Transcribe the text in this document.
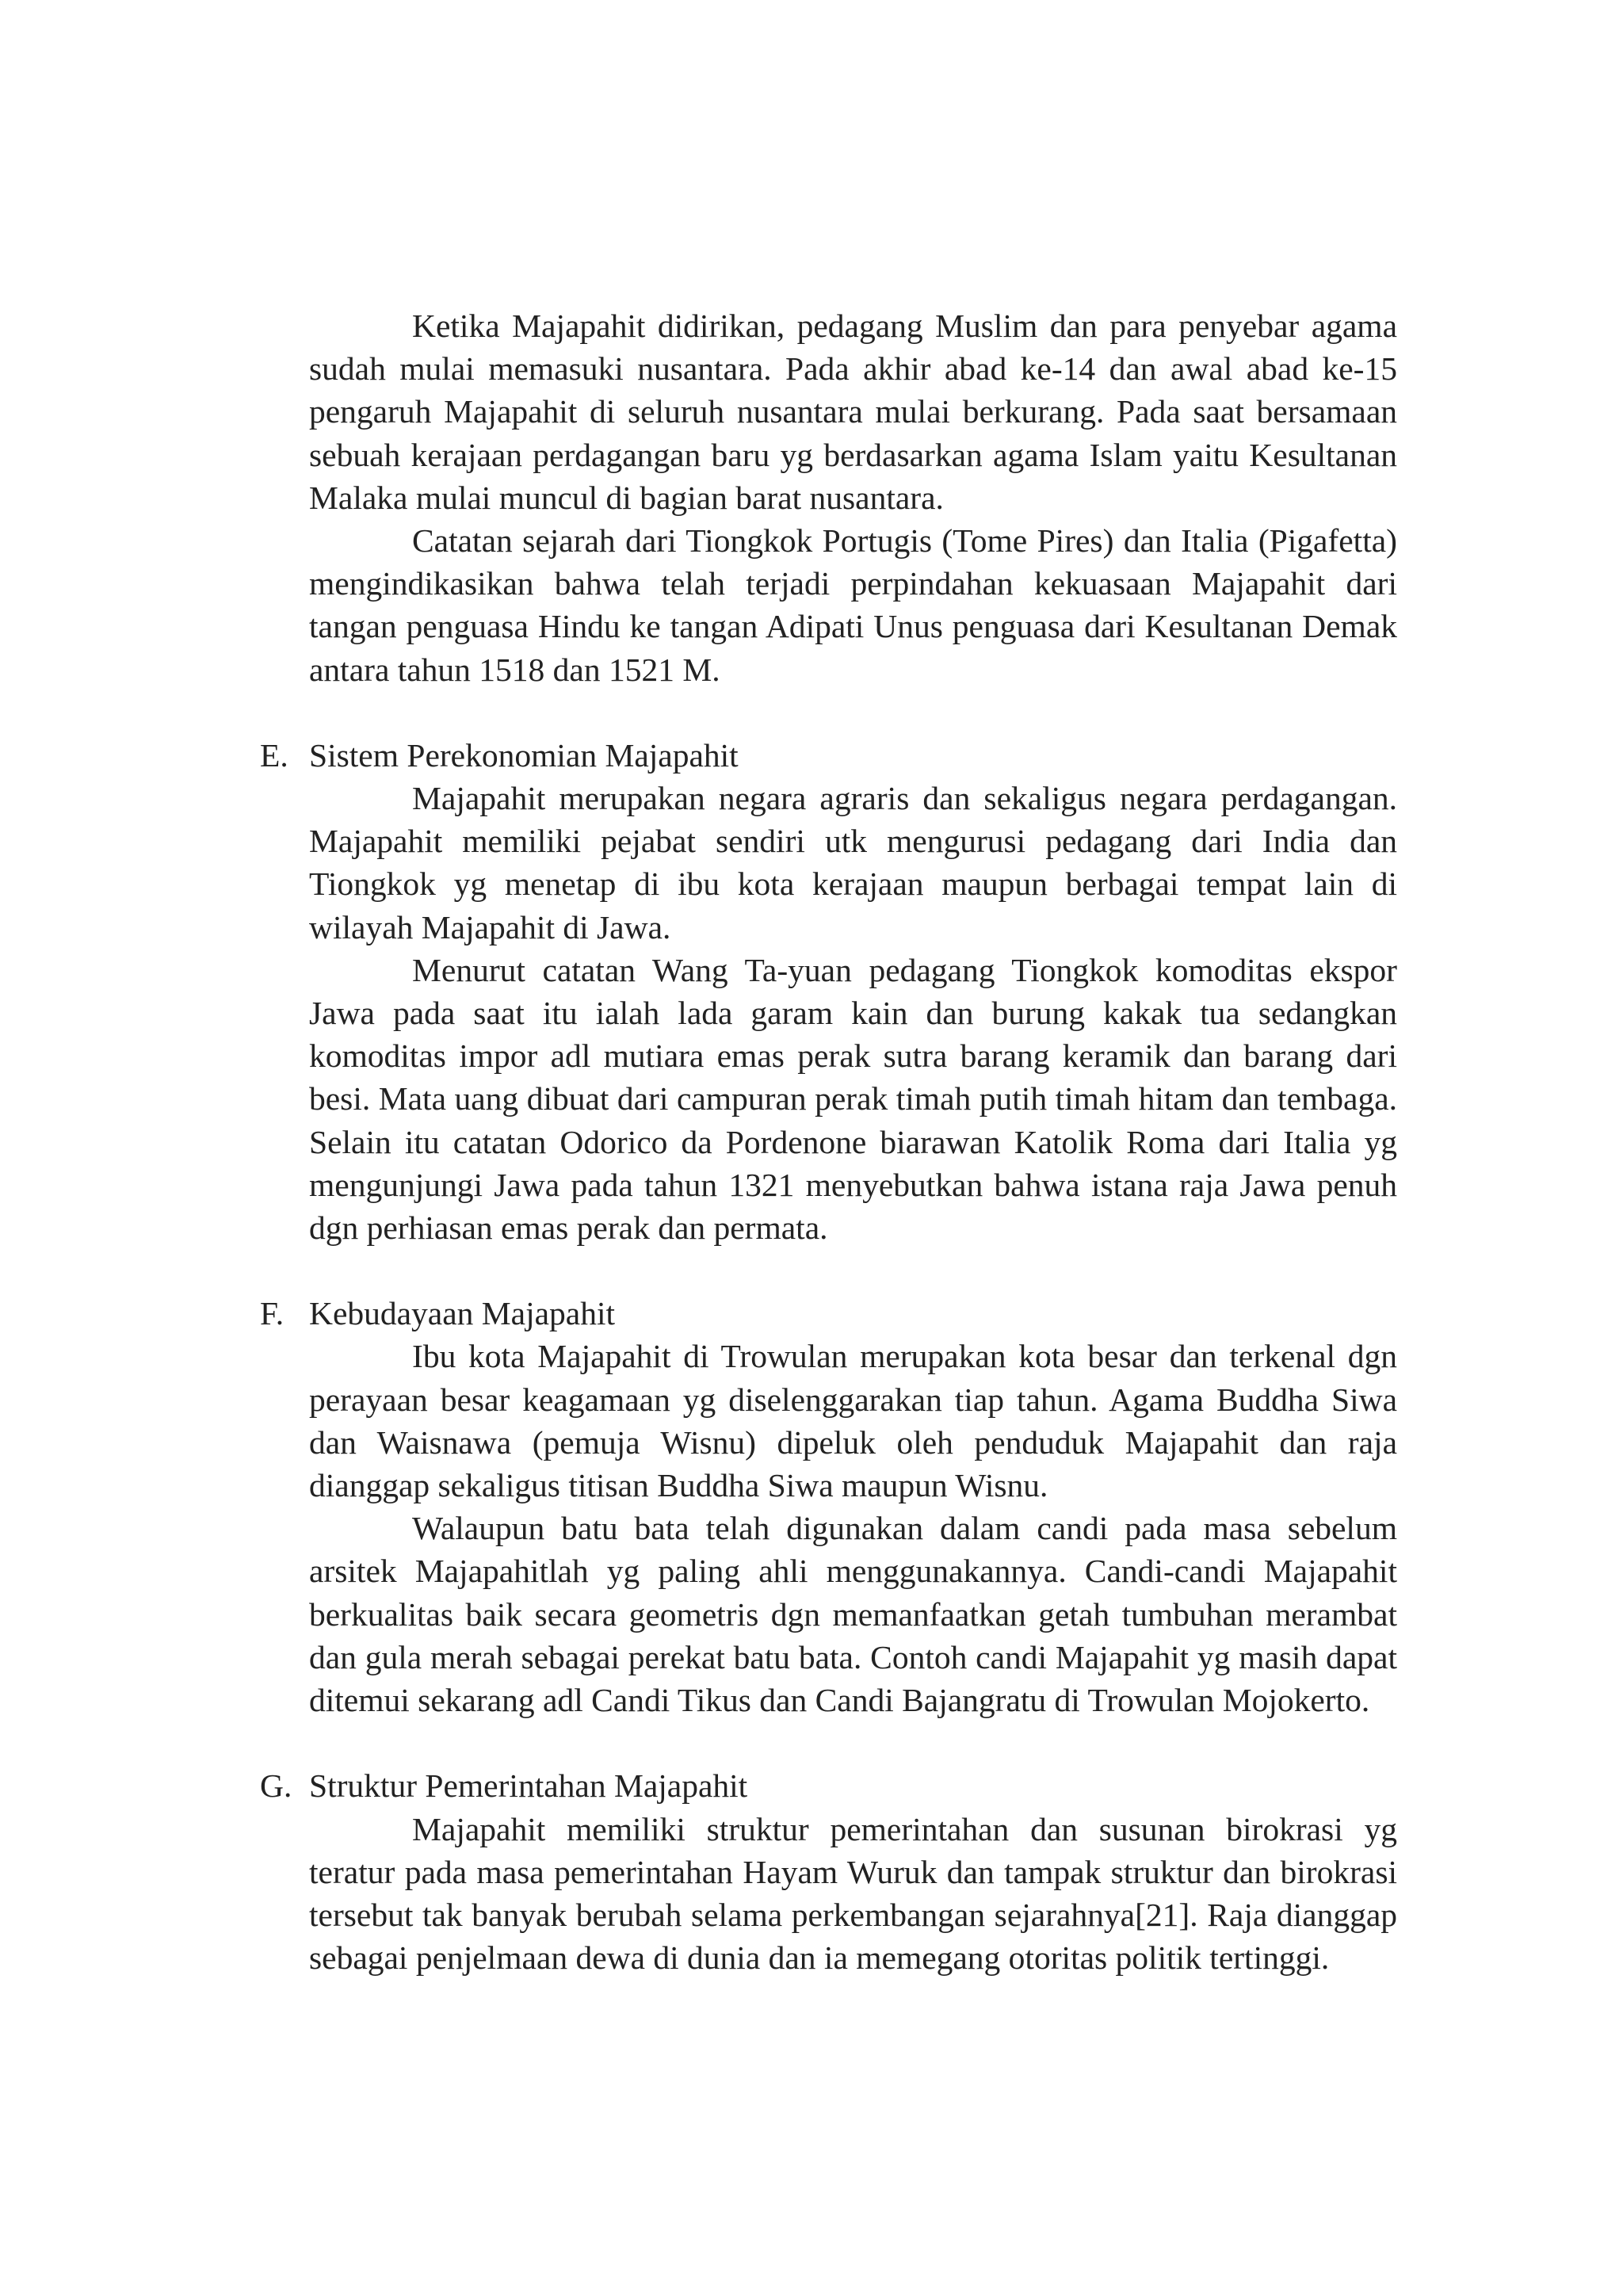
Ketika Majapahit didirikan, pedagang Muslim dan para penyebar agama sudah mulai memasuki nusantara. Pada akhir abad ke-14 dan awal abad ke-15 pengaruh Majapahit di seluruh nusantara mulai berkurang. Pada saat bersamaan sebuah kerajaan perdagangan baru yg berdasarkan agama Islam yaitu Kesultanan Malaka mulai muncul di bagian barat nusantara.

Catatan sejarah dari Tiongkok Portugis (Tome Pires) dan Italia (Pigafetta) mengindikasikan bahwa telah terjadi perpindahan kekuasaan Majapahit dari tangan penguasa Hindu ke tangan Adipati Unus penguasa dari Kesultanan Demak antara tahun 1518 dan 1521 M.

E. Sistem Perekonomian Majapahit

Majapahit merupakan negara agraris dan sekaligus negara perdagangan. Majapahit memiliki pejabat sendiri utk mengurusi pedagang dari India dan Tiongkok yg menetap di ibu kota kerajaan maupun berbagai tempat lain di wilayah Majapahit di Jawa.

Menurut catatan Wang Ta-yuan pedagang Tiongkok komoditas ekspor Jawa pada saat itu ialah lada garam kain dan burung kakak tua sedangkan komoditas impor adl mutiara emas perak sutra barang keramik dan barang dari besi. Mata uang dibuat dari campuran perak timah putih timah hitam dan tembaga. Selain itu catatan Odorico da Pordenone biarawan Katolik Roma dari Italia yg mengunjungi Jawa pada tahun 1321 menyebutkan bahwa istana raja Jawa penuh dgn perhiasan emas perak dan permata.

F. Kebudayaan Majapahit

Ibu kota Majapahit di Trowulan merupakan kota besar dan terkenal dgn perayaan besar keagamaan yg diselenggarakan tiap tahun. Agama Buddha Siwa dan Waisnawa (pemuja Wisnu) dipeluk oleh penduduk Majapahit dan raja dianggap sekaligus titisan Buddha Siwa maupun Wisnu.

Walaupun batu bata telah digunakan dalam candi pada masa sebelum arsitek Majapahitlah yg paling ahli menggunakannya. Candi-candi Majapahit berkualitas baik secara geometris dgn memanfaatkan getah tumbuhan merambat dan gula merah sebagai perekat batu bata. Contoh candi Majapahit yg masih dapat ditemui sekarang adl Candi Tikus dan Candi Bajangratu di Trowulan Mojokerto.

G. Struktur Pemerintahan Majapahit

Majapahit memiliki struktur pemerintahan dan susunan birokrasi yg teratur pada masa pemerintahan Hayam Wuruk dan tampak struktur dan birokrasi tersebut tak banyak berubah selama perkembangan sejarahnya[21]. Raja dianggap sebagai penjelmaan dewa di dunia dan ia memegang otoritas politik tertinggi.
